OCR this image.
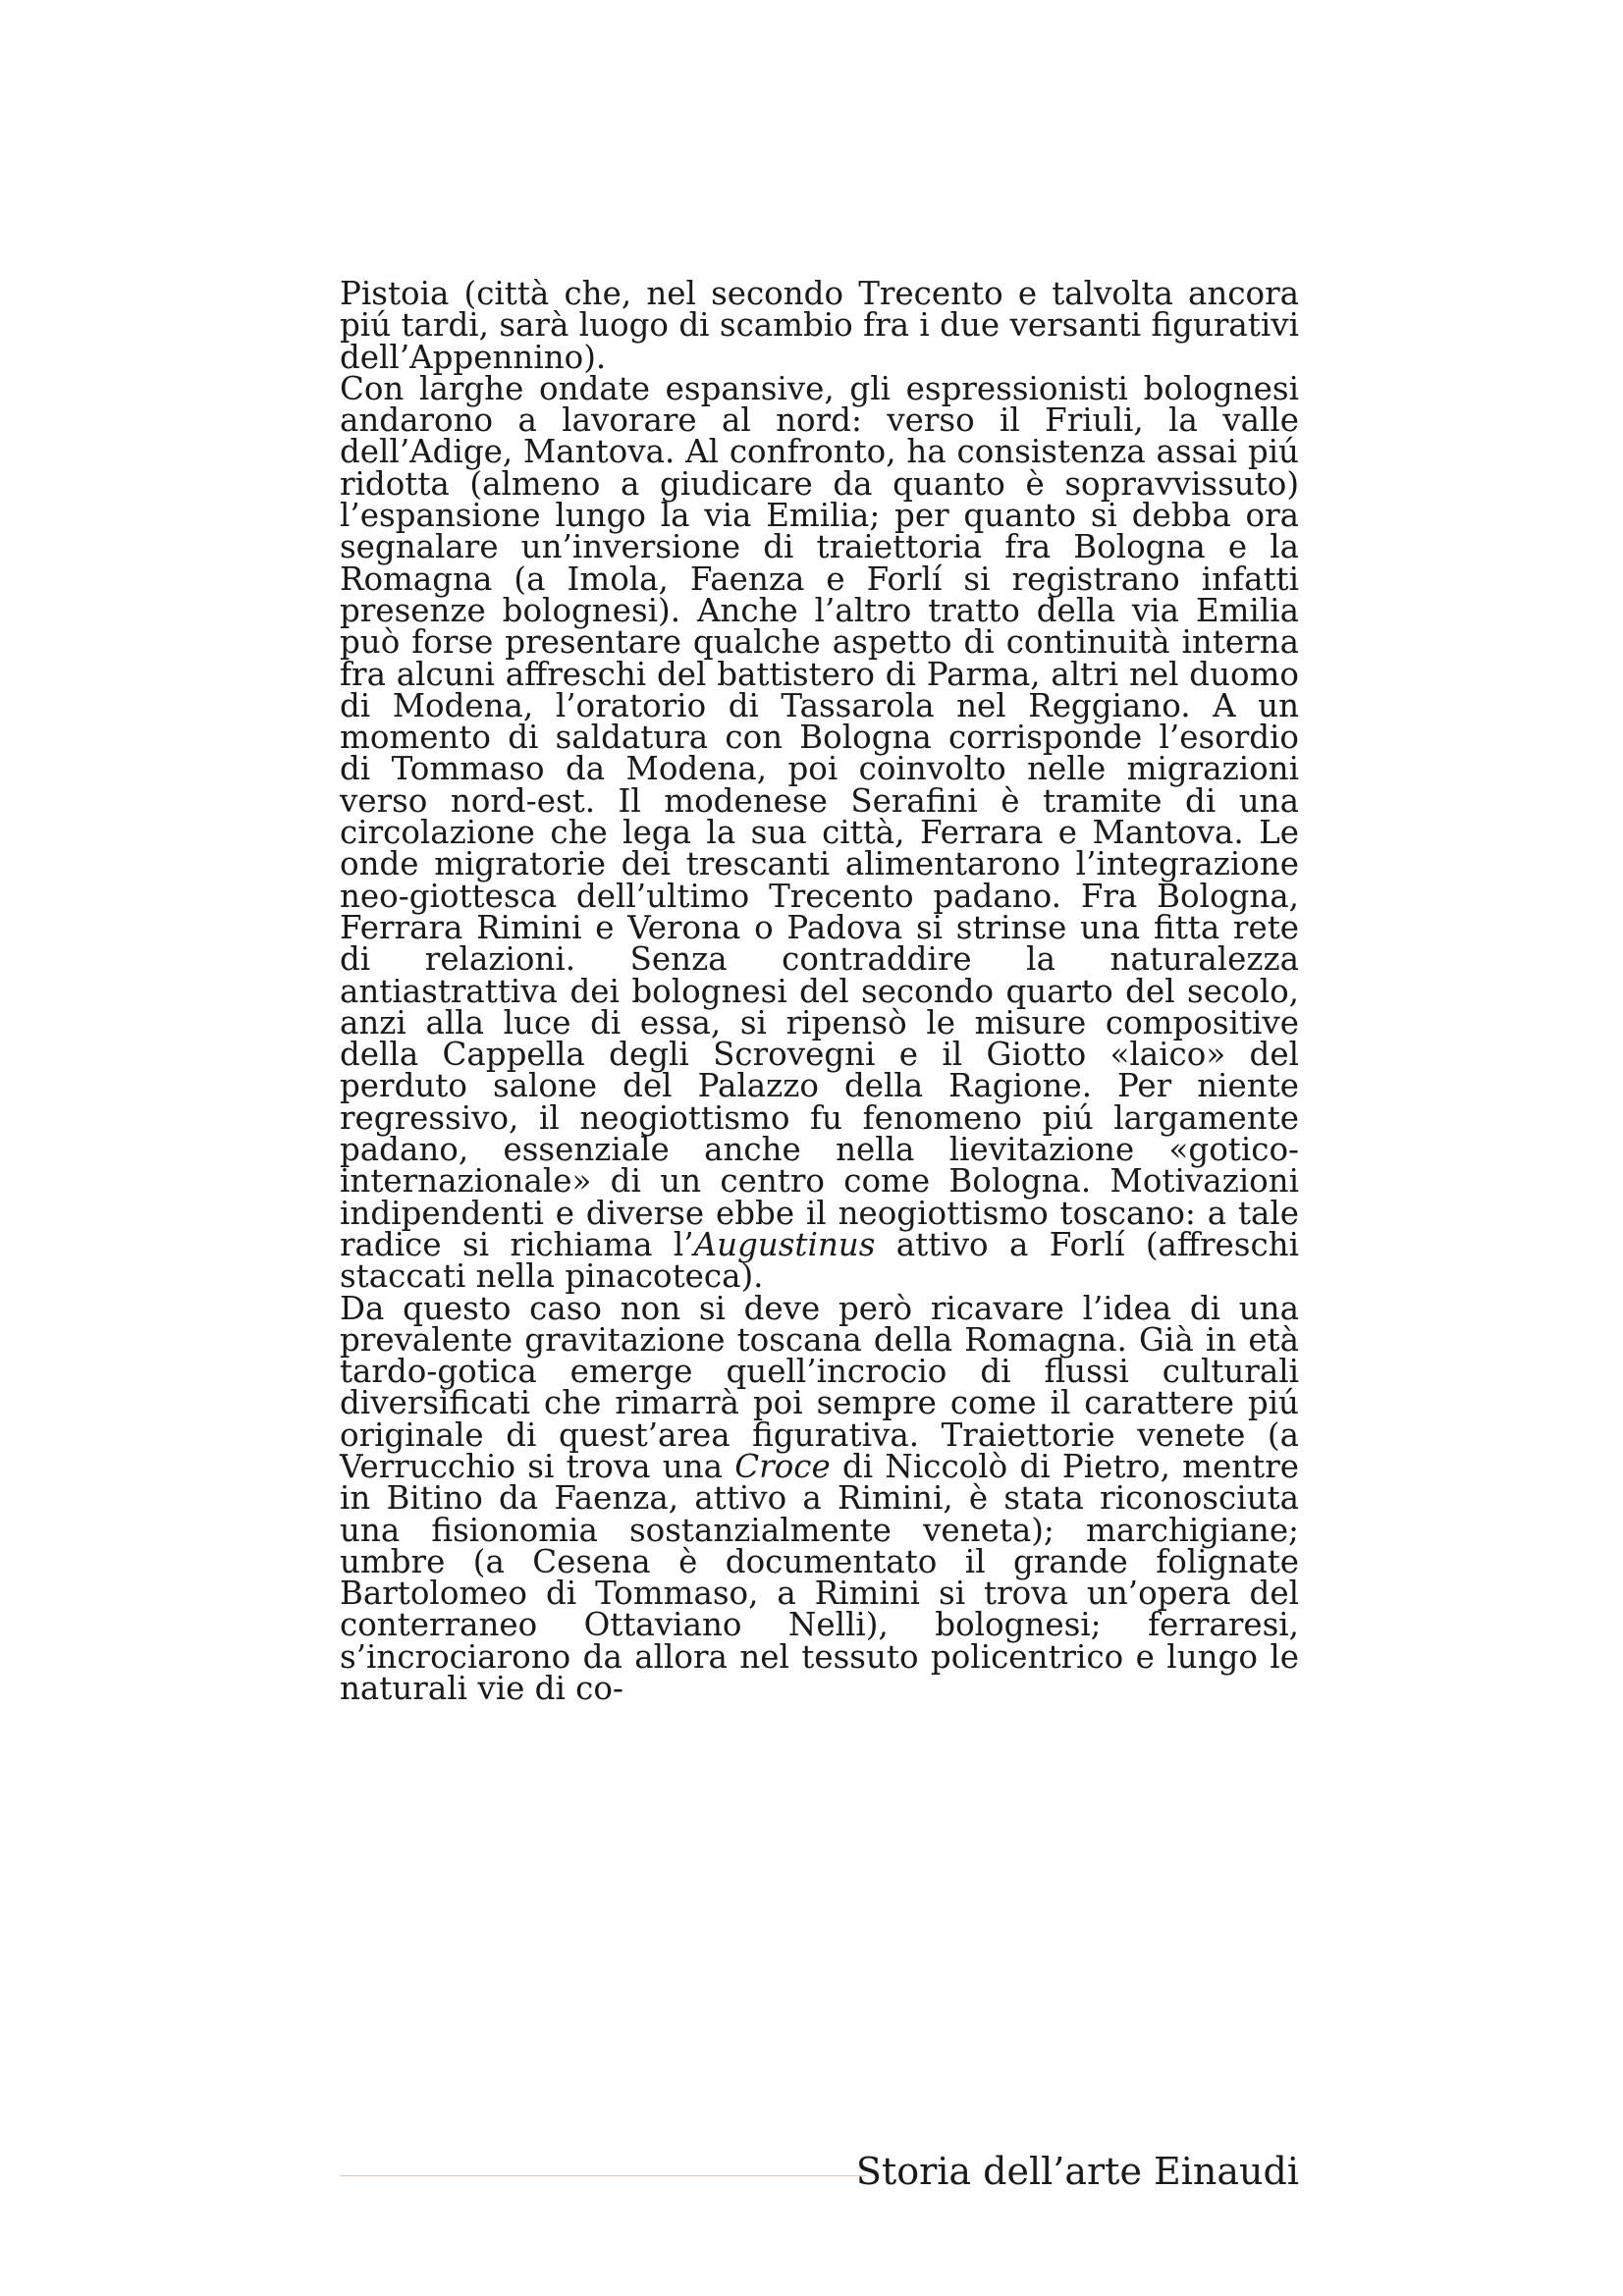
Pistoia (città che, nel secondo Trecento e talvolta ancora piú tardi, sarà luogo di scambio fra i due versanti figurativi dell’Appennino).

Con larghe ondate espansive, gli espressionisti bolognesi andarono a lavorare al nord: verso il Friuli, la valle dell’Adige, Mantova. Al confronto, ha consistenza assai piú ridotta (almeno a giudicare da quanto è sopravvissuto) l’espansione lungo la via Emilia; per quanto si debba ora segnalare un’inversione di traiettoria fra Bologna e la Romagna (a Imola, Faenza e Forlí si registrano infatti presenze bolognesi). Anche l’altro tratto della via Emilia può forse presentare qualche aspetto di continuità interna fra alcuni affreschi del battistero di Parma, altri nel duomo di Modena, l’oratorio di Tassarola nel Reggiano. A un momento di saldatura con Bologna corrisponde l’esordio di Tommaso da Modena, poi coinvolto nelle migrazioni verso nord-est. Il modenese Serafini è tramite di una circolazione che lega la sua città, Ferrara e Mantova. Le onde migratorie dei trescanti alimentarono l’integrazione neo-giottesca dell’ultimo Trecento padano. Fra Bologna, Ferrara Rimini e Verona o Padova si strinse una fitta rete di relazioni. Senza contraddire la naturalezza antiastrattiva dei bolognesi del secondo quarto del secolo, anzi alla luce di essa, si ripensò le misure compositive della Cappella degli Scrovegni e il Giotto «laico» del perduto salone del Palazzo della Ragione. Per niente regressivo, il neogiottismo fu fenomeno piú largamente padano, essenziale anche nella lievitazione «gotico-internazionale» di un centro come Bologna. Motivazioni indipendenti e diverse ebbe il neogiottismo toscano: a tale radice si richiama l’Augustinus attivo a Forlí (affreschi staccati nella pinacoteca).

Da questo caso non si deve però ricavare l’idea di una prevalente gravitazione toscana della Romagna. Già in età tardo-gotica emerge quell’incrocio di flussi culturali diversificati che rimarrà poi sempre come il carattere piú originale di quest’area figurativa. Traiettorie venete (a Verrucchio si trova una Croce di Niccolò di Pietro, mentre in Bitino da Faenza, attivo a Rimini, è stata riconosciuta una fisionomia sostanzialmente veneta); marchigiane; umbre (a Cesena è documentato il grande folignate Bartolomeo di Tommaso, a Rimini si trova un’opera del conterraneo Ottaviano Nelli), bolognesi; ferraresi, s’incrociarono da allora nel tessuto policentrico e lungo le naturali vie di co-

Storia dell’arte Einaudi
